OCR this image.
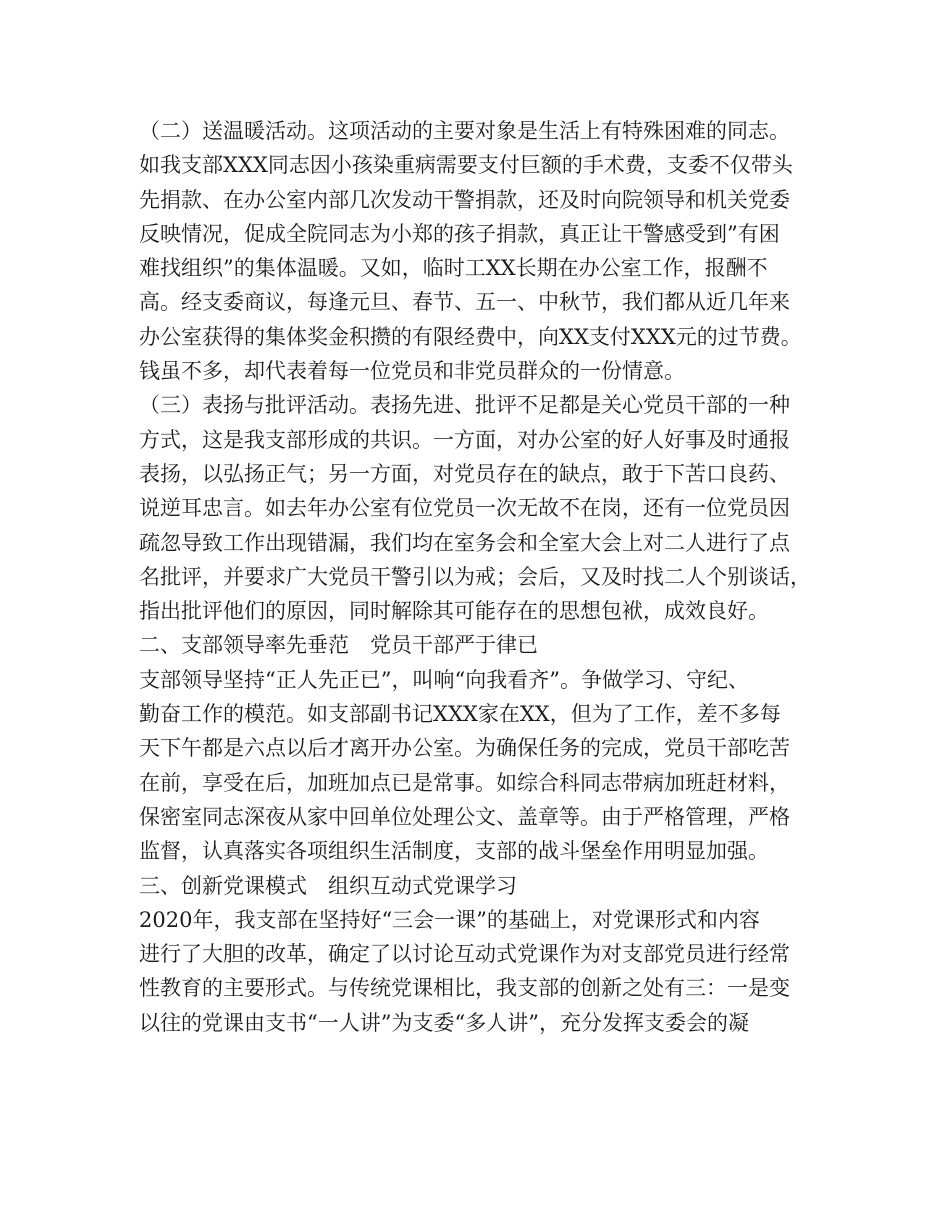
（二）送温暖活动。这项活动的主要对象是生活上有特殊困难的同志。
如我支部XXX同志因小孩染重病需要支付巨额的手术费，支委不仅带头
先捐款、在办公室内部几次发动干警捐款，还及时向院领导和机关党委
反映情况，促成全院同志为小郑的孩子捐款，真正让干警感受到”有困
难找组织”的集体温暖。又如，临时工XX长期在办公室工作，报酬不
高。经支委商议，每逢元旦、春节、五一、中秋节，我们都从近几年来
办公室获得的集体奖金积攒的有限经费中，向XX支付XXX元的过节费。
钱虽不多，却代表着每一位党员和非党员群众的一份情意。
（三）表扬与批评活动。表扬先进、批评不足都是关心党员干部的一种
方式，这是我支部形成的共识。一方面，对办公室的好人好事及时通报
表扬，以弘扬正气；另一方面，对党员存在的缺点，敢于下苦口良药、
说逆耳忠言。如去年办公室有位党员一次无故不在岗，还有一位党员因
疏忽导致工作出现错漏，我们均在室务会和全室大会上对二人进行了点
名批评，并要求广大党员干警引以为戒；会后，又及时找二人个别谈话，
指出批评他们的原因，同时解除其可能存在的思想包袱，成效良好。
二、支部领导率先垂范　党员干部严于律已
支部领导坚持“正人先正已”，叫响“向我看齐”。争做学习、守纪、
勤奋工作的模范。如支部副书记XXX家在XX，但为了工作，差不多每
天下午都是六点以后才离开办公室。为确保任务的完成，党员干部吃苦
在前，享受在后，加班加点已是常事。如综合科同志带病加班赶材料，
保密室同志深夜从家中回单位处理公文、盖章等。由于严格管理，严格
监督，认真落实各项组织生活制度，支部的战斗堡垒作用明显加强。
三、创新党课模式　组织互动式党课学习
2020年，我支部在坚持好“三会一课”的基础上，对党课形式和内容
进行了大胆的改革，确定了以讨论互动式党课作为对支部党员进行经常
性教育的主要形式。与传统党课相比，我支部的创新之处有三：一是变
以往的党课由支书“一人讲”为支委“多人讲”，充分发挥支委会的凝
